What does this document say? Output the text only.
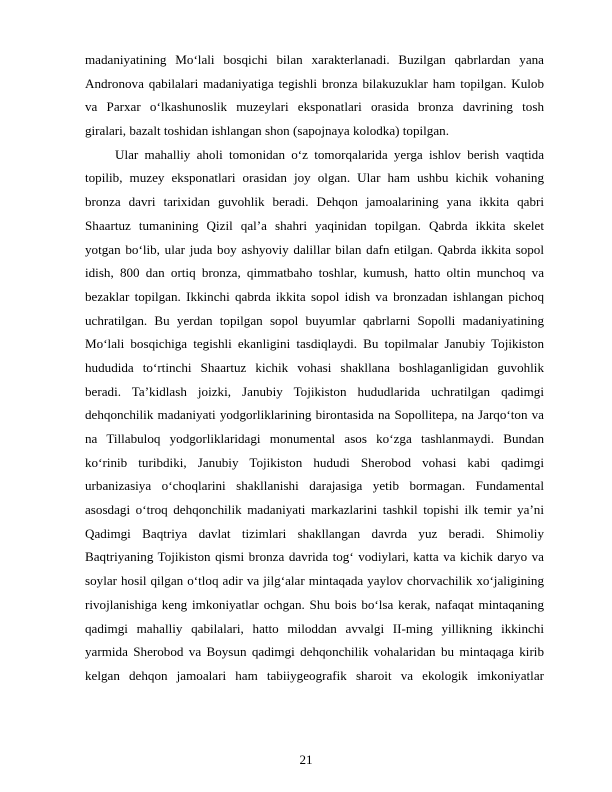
madaniyatining Mo‘lali bosqichi bilan xarakterlanadi. Buzilgan qabrlardan yana
Andronova qabilalari madaniyatiga tegishli bronza bilakuzuklar ham topilgan. Kulob
va Parxar o‘lkashunoslik muzeylari eksponatlari orasida bronza davrining tosh
giralari, bazalt toshidan ishlangan shon (sapojnaya kolodka) topilgan.
Ular mahalliy aholi tomonidan o‘z tomorqalarida yerga ishlov berish vaqtida
topilib, muzey eksponatlari orasidan joy olgan. Ular ham ushbu kichik vohaning
bronza davri tarixidan guvohlik beradi. Dehqon jamoalarining yana ikkita qabri
Shaartuz tumanining Qizil qal’a shahri yaqinidan topilgan. Qabrda ikkita skelet
yotgan bo‘lib, ular juda boy ashyoviy dalillar bilan dafn etilgan. Qabrda ikkita sopol
idish, 800 dan ortiq bronza, qimmatbaho toshlar, kumush, hatto oltin munchoq va
bezaklar topilgan. Ikkinchi qabrda ikkita sopol idish va bronzadan ishlangan pichoq
uchratilgan. Bu yerdan topilgan sopol buyumlar qabrlarni Sopolli madaniyatining
Mo‘lali bosqichiga tegishli ekanligini tasdiqlaydi. Bu topilmalar Janubiy Tojikiston
hududida to‘rtinchi Shaartuz kichik vohasi shakllana boshlaganligidan guvohlik
beradi. Ta’kidlash joizki, Janubiy Tojikiston hududlarida uchratilgan qadimgi
dehqonchilik madaniyati yodgorliklarining birontasida na Sopollitepa, na Jarqo‘ton va
na Tillabuloq yodgorliklaridagi monumental asos ko‘zga tashlanmaydi. Bundan
ko‘rinib turibdiki, Janubiy Tojikiston hududi Sherobod vohasi kabi qadimgi
urbanizasiya o‘choqlarini shakllanishi darajasiga yetib bormagan. Fundamental
asosdagi o‘troq dehqonchilik madaniyati markazlarini tashkil topishi ilk temir ya’ni
Qadimgi Baqtriya davlat tizimlari shakllangan davrda yuz beradi. Shimoliy
Baqtriyaning Tojikiston qismi bronza davrida tog‘ vodiylari, katta va kichik daryo va
soylar hosil qilgan o‘tloq adir va jilg‘alar mintaqada yaylov chorvachilik xo‘jaligining
rivojlanishiga keng imkoniyatlar ochgan. Shu bois bo‘lsa kerak, nafaqat mintaqaning
qadimgi mahalliy qabilalari, hatto miloddan avvalgi II-ming yillikning ikkinchi
yarmida Sherobod va Boysun qadimgi dehqonchilik vohalaridan bu mintaqaga kirib
kelgan dehqon jamoalari ham tabiiygeografik sharoit va ekologik imkoniyatlar
21
